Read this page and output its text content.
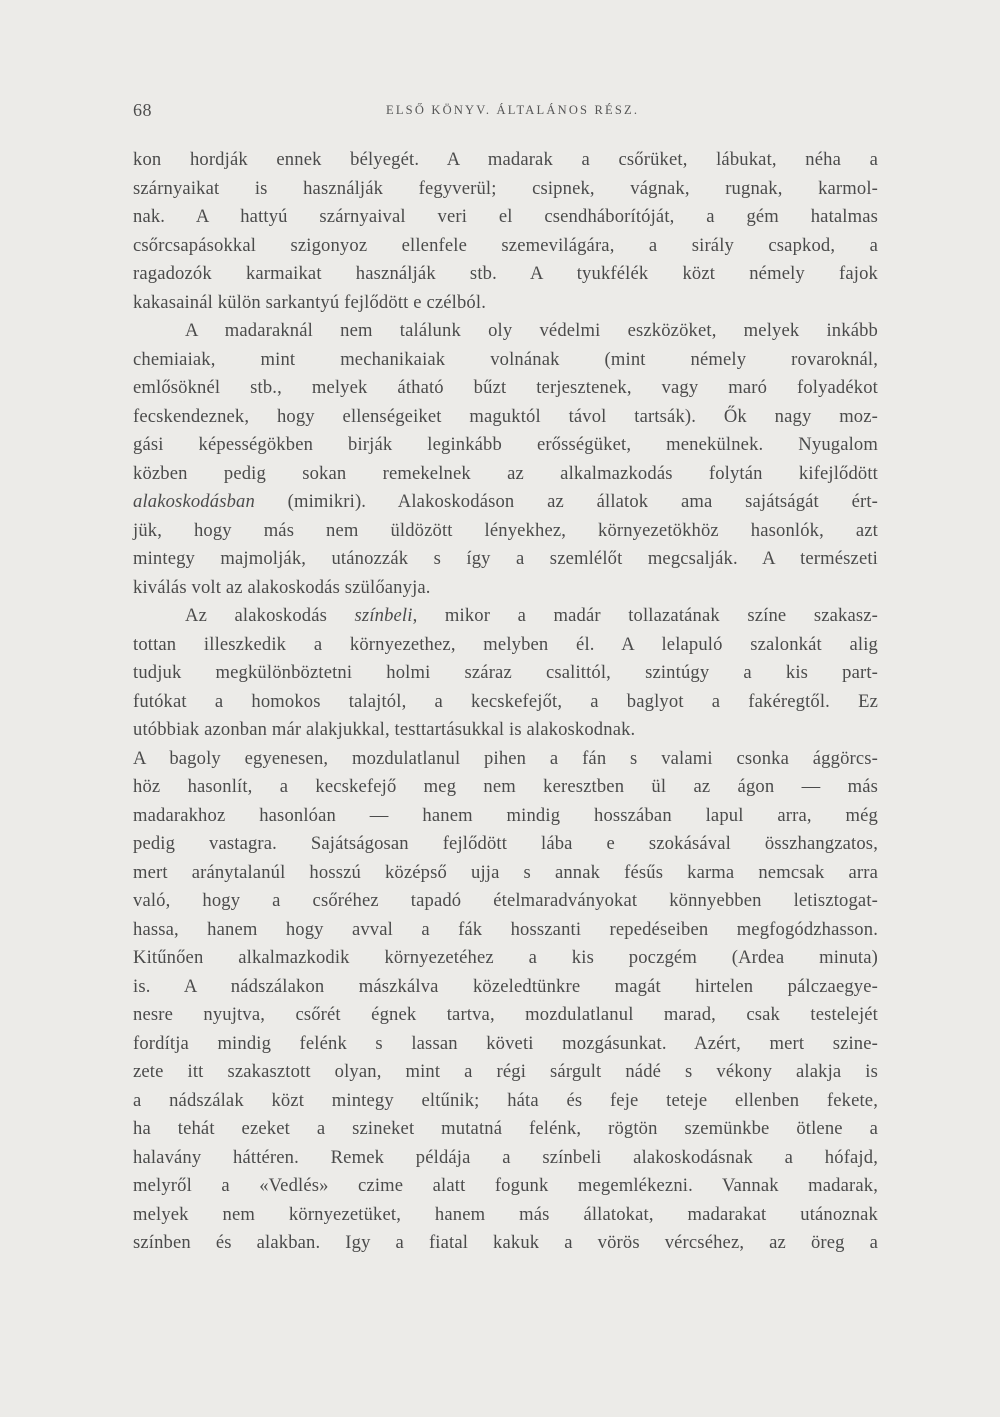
68	ELSŐ KÖNYV. ÁLTALÁNOS RÉSZ.
kon hordják ennek bélyegét. A madarak a csőrüket, lábukat, néha a
szárnyaikat is használják fegyverül; csipnek, vágnak, rugnak, karmol-
nak. A hattyú szárnyaival veri el csendháborítóját, a gém hatalmas
csőrcsapásokkal szigonyoz ellenfele szemevilágára, a sirály csapkod, a
ragadozók karmaikat használják stb. A tyukfélék közt némely fajok
kakasainál külön sarkantyú fejlődött e czélból.
A madaraknál nem találunk oly védelmi eszközöket, melyek inkább
chemiaiak, mint mechanikaiak volnának (mint némely rovaroknál,
emlősöknél stb., melyek átható bűzt terjesztenek, vagy maró folyadékot
fecskendeznek, hogy ellenségeiket maguktól távol tartsák). Ők nagy moz-
gási képességökben birják leginkább erősségüket, menekülnek. Nyugalom
közben pedig sokan remekelnek az alkalmazkodás folytán kifejlődött
alakoskodásban (mimikri). Alakoskodáson az állatok ama sajátságát ért-
jük, hogy más nem üldözött lényekhez, környezetökhöz hasonlók, azt
mintegy majmolják, utánozzák s így a szemlélőt megcsalják. A természeti
kiválás volt az alakoskodás szülőanyja.
Az alakoskodás színbeli, mikor a madár tollazatának színe szakasz-
tottan illeszkedik a környezethez, melyben él. A lelapuló szalonkát alig
tudjuk megkülönböztetni holmi száraz csalittól, szintúgy a kis part-
futókat a homokos talajtól, a kecskefejőt, a baglyot a fakéregtől. Ez
utóbbiak azonban már alakjukkal, testtartásukkal is alakoskodnak.
A bagoly egyenesen, mozdulatlanul pihen a fán s valami csonka ággörcs-
höz hasonlít, a kecskefejő meg nem keresztben ül az ágon — más
madarakhoz hasonlóan — hanem mindig hosszában lapul arra, még
pedig vastagra. Sajátságosan fejlődött lába e szokásával összhangzatos,
mert aránytalanúl hosszú középső ujja s annak fésűs karma nemcsak arra
való, hogy a csőréhez tapadó ételmaradványokat könnyebben letisztogat-
hassa, hanem hogy avval a fák hosszanti repedéseiben megfogódzhasson.
Kitűnően alkalmazkodik környezetéhez a kis poczgém (Ardea minuta)
is. A nádszálakon mászkálva közeledtünkre magát hirtelen pálczaegye-
nesre nyujtva, csőrét égnek tartva, mozdulatlanul marad, csak testelejét
fordítja mindig felénk s lassan követi mozgásunkat. Azért, mert szine-
zete itt szakasztott olyan, mint a régi sárgult nádé s vékony alakja is
a nádszálak közt mintegy eltűnik; háta és feje teteje ellenben fekete,
ha tehát ezeket a szineket mutatná felénk, rögtön szemünkbe ötlene a
halavány háttéren. Remek példája a színbeli alakoskodásnak a hófajd,
melyről a «Vedlés» czime alatt fogunk megemlékezni. Vannak madarak,
melyek nem környezetüket, hanem más állatokat, madarakat utánoznak
színben és alakban. Igy a fiatal kakuk a vörös vércséhez, az öreg a
